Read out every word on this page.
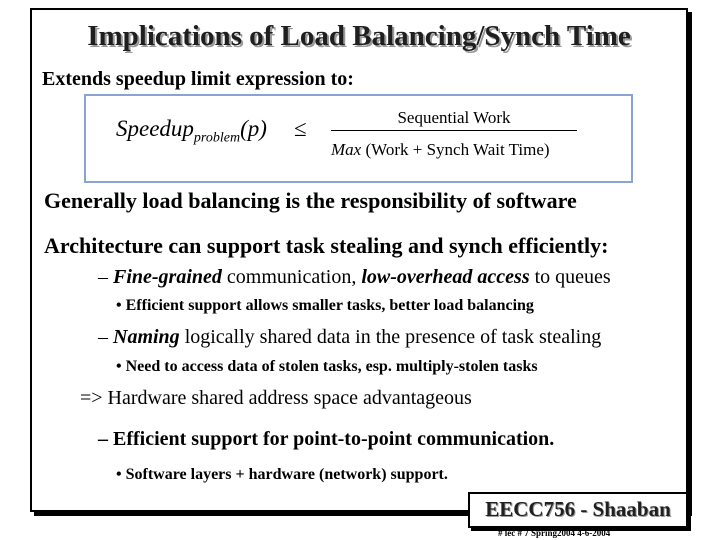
Implications of Load Balancing/Synch Time
Extends speedup limit expression to:
Speedup$_{problem}$(p) ≤	Sequential Work
Max (Work + Synch Wait Time)
Generally load balancing is the responsibility of software
Architecture can support task stealing and synch efficiently:
– Fine-grained communication, low-overhead access to queues
• Efficient support allows smaller tasks, better load balancing
– Naming logically shared data in the presence of task stealing
• Need to access data of stolen tasks, esp. multiply-stolen tasks
=> Hardware shared address space advantageous
– Efficient support for point-to-point communication.
• Software layers + hardware (network) support.
EECC756 - Shaaban
# lec # 7 Spring2004 4-6-2004
